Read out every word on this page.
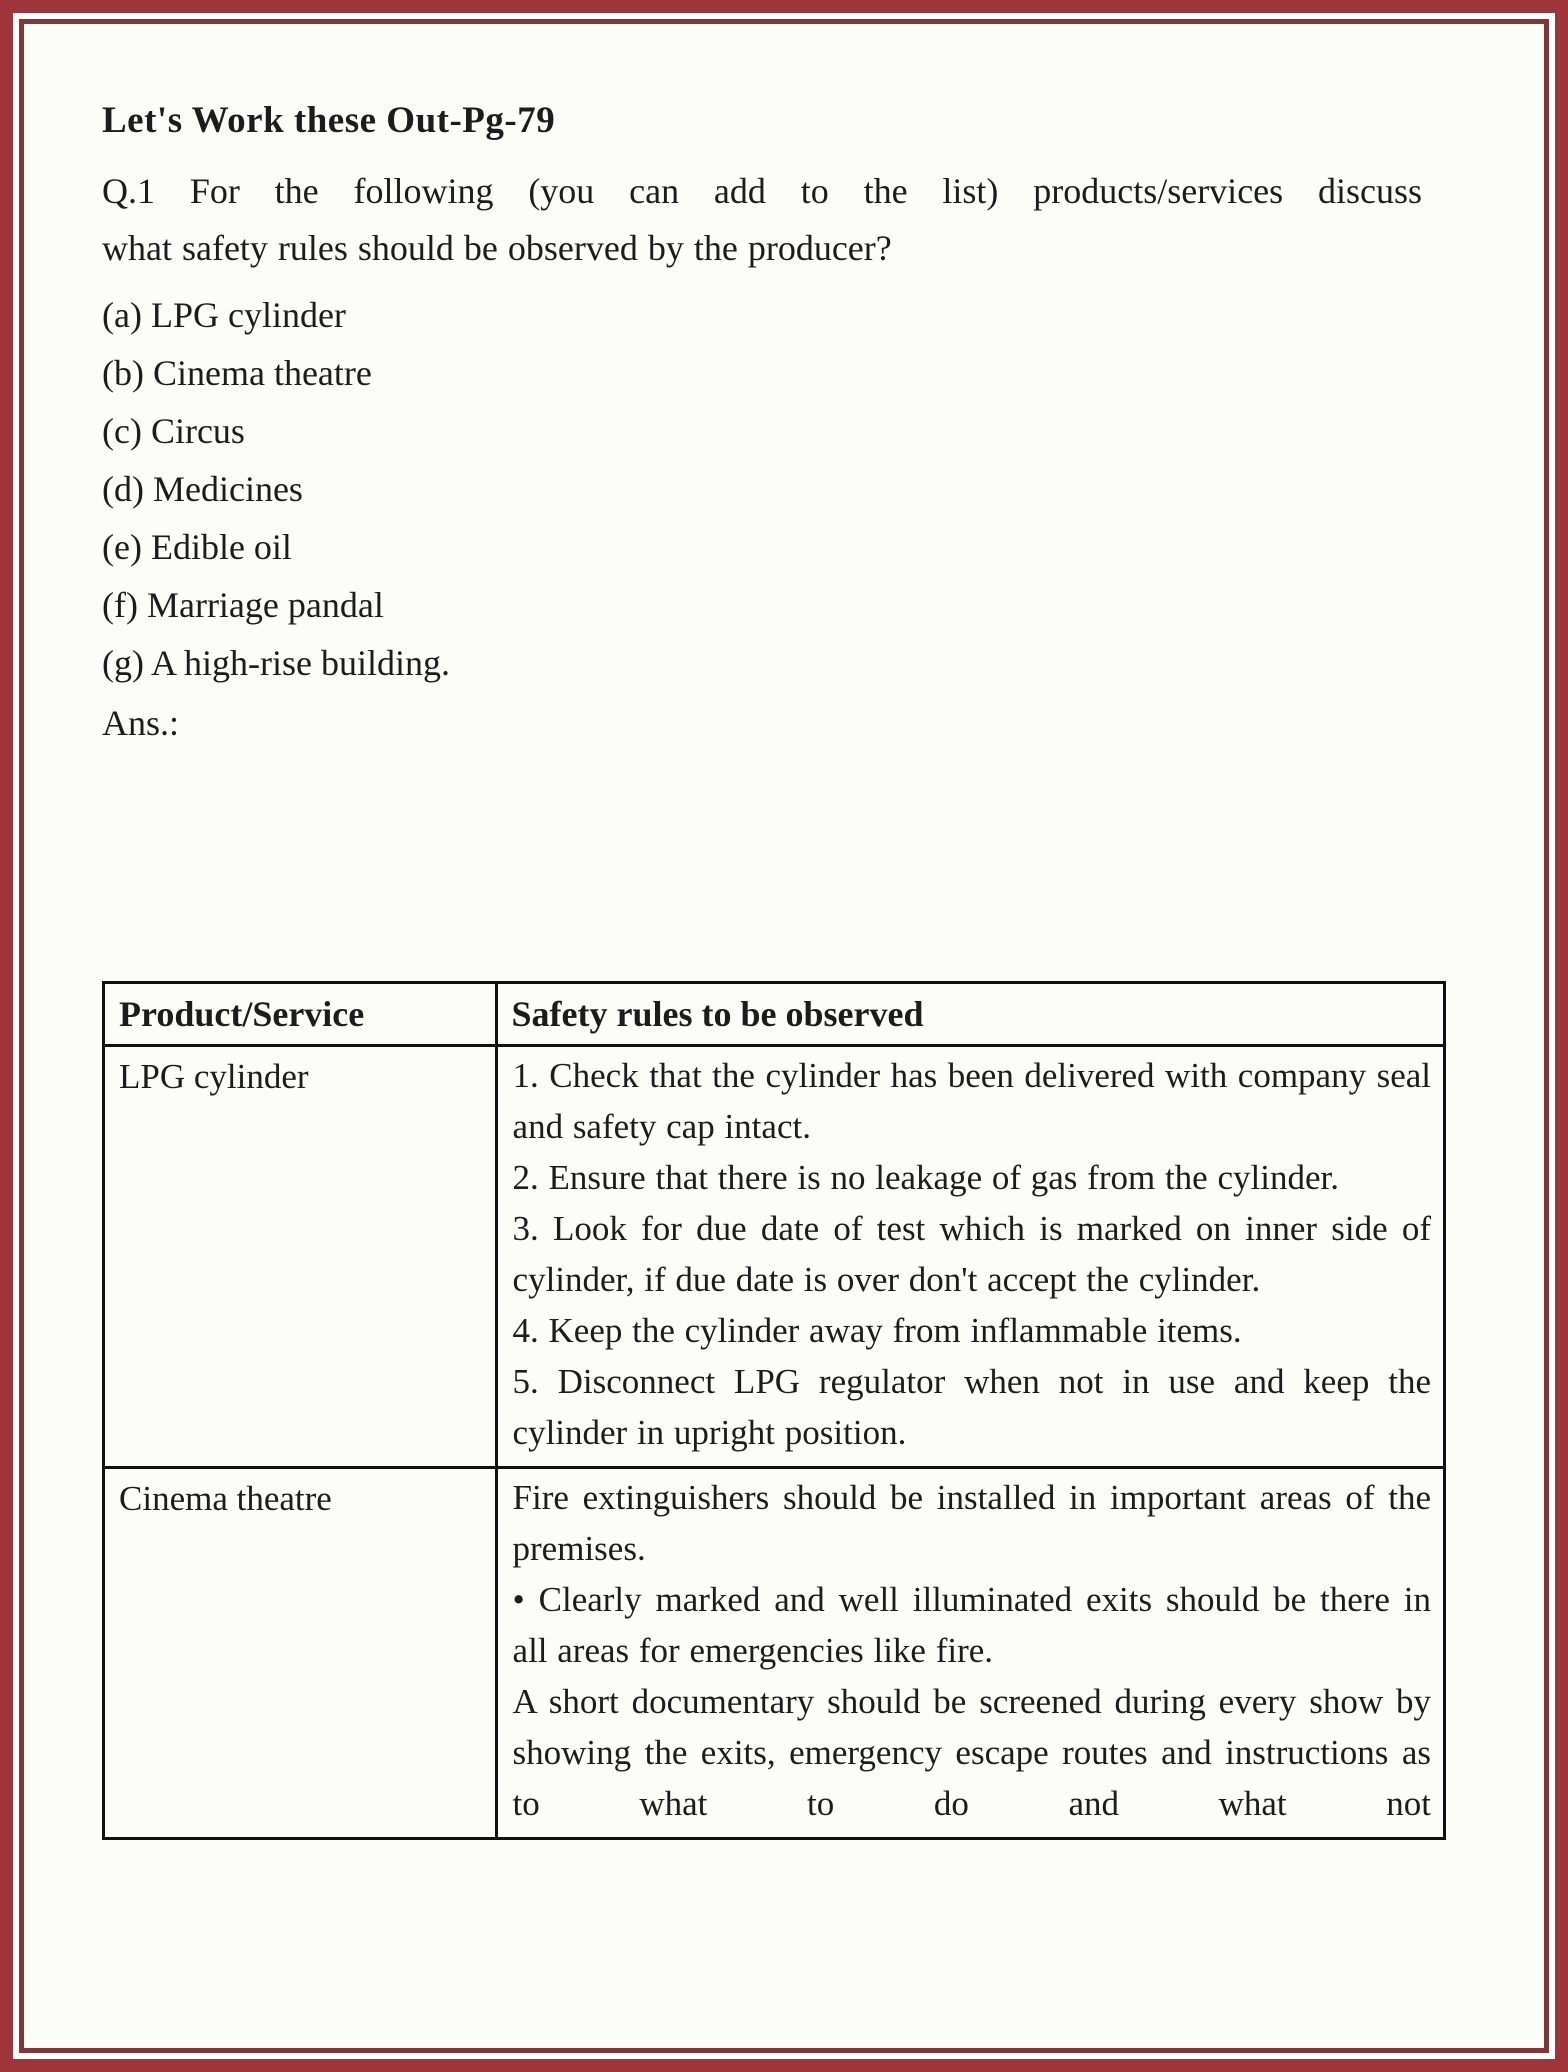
Let's Work these Out-Pg-79

Q.1 For the following (you can add to the list) products/services discuss

what safety rules should be observed by the producer?

(a) LPG cylinder

(b) Cinema theatre

(c) Circus

(d) Medicines

(e) Edible oil

(f) Marriage pandal

(g) A high-rise building.

Ans.:

Product/Service	Safety rules to be observed
LPG cylinder	1. Check that the cylinder has been delivered with company seal and safety cap intact.

2. Ensure that there is no leakage of gas from the cylinder.

3. Look for due date of test which is marked on inner side of cylinder, if due date is over don't accept the cylinder.

4. Keep the cylinder away from inflammable items.

5. Disconnect LPG regulator when not in use and keep the cylinder in upright position.

Cinema theatre	Fire extinguishers should be installed in important areas of the premises.

• Clearly marked and well illuminated exits should be there in all areas for emergencies like fire.

A short documentary should be screened during every show by showing the exits, emergency escape routes and instructions as to what to do and what not
